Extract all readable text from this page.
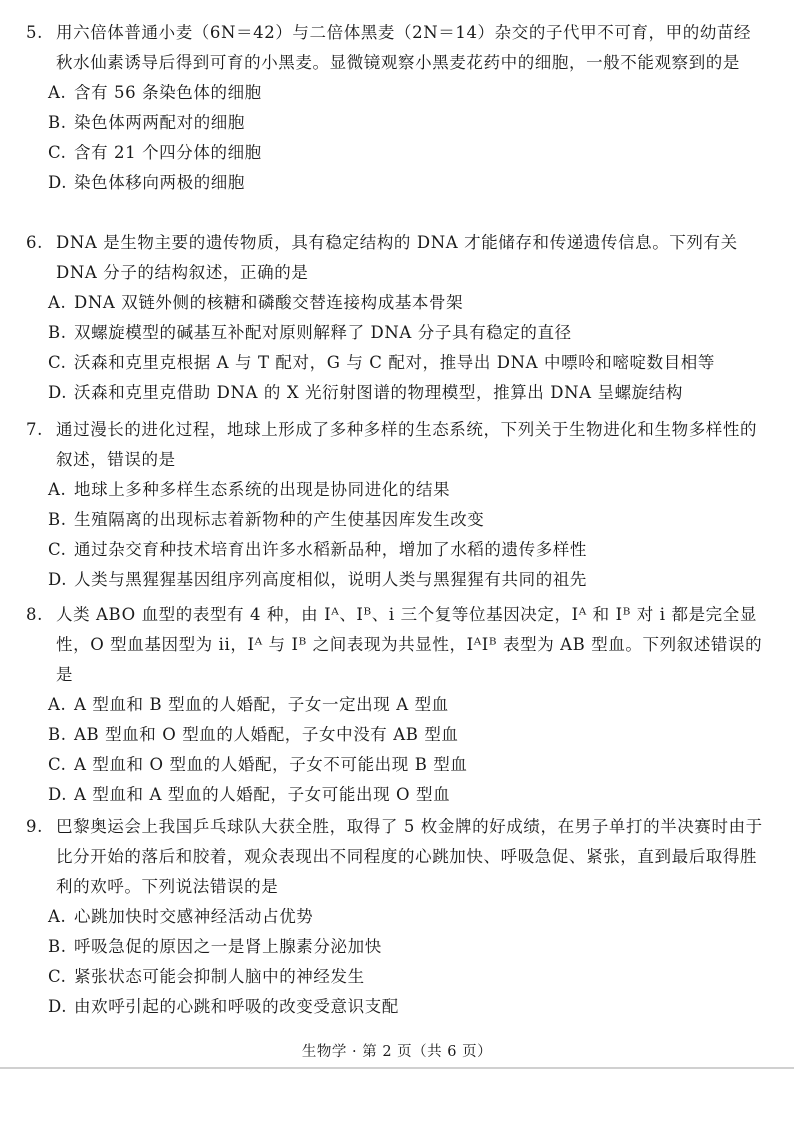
5. 用六倍体普通小麦（6N＝42）与二倍体黑麦（2N＝14）杂交的子代甲不可育，甲的幼苗经秋水仙素诱导后得到可育的小黑麦。显微镜观察小黑麦花药中的细胞，一般不能观察到的是

A. 含有 56 条染色体的细胞
B. 染色体两两配对的细胞
C. 含有 21 个四分体的细胞
D. 染色体移向两极的细胞

6. DNA 是生物主要的遗传物质，具有稳定结构的 DNA 才能储存和传递遗传信息。下列有关 DNA 分子的结构叙述，正确的是

A. DNA 双链外侧的核糖和磷酸交替连接构成基本骨架
B. 双螺旋模型的碱基互补配对原则解释了 DNA 分子具有稳定的直径
C. 沃森和克里克根据 A 与 T 配对，G 与 C 配对，推导出 DNA 中嘌呤和嘧啶数目相等
D. 沃森和克里克借助 DNA 的 X 光衍射图谱的物理模型，推算出 DNA 呈螺旋结构

7. 通过漫长的进化过程，地球上形成了多种多样的生态系统，下列关于生物进化和生物多样性的叙述，错误的是

A. 地球上多种多样生态系统的出现是协同进化的结果
B. 生殖隔离的出现标志着新物种的产生使基因库发生改变
C. 通过杂交育种技术培育出许多水稻新品种，增加了水稻的遗传多样性
D. 人类与黑猩猩基因组序列高度相似，说明人类与黑猩猩有共同的祖先

8. 人类 ABO 血型的表型有 4 种，由 Iᴬ、Iᴮ、i 三个复等位基因决定，Iᴬ 和 Iᴮ 对 i 都是完全显性，O 型血基因型为 ii，Iᴬ 与 Iᴮ 之间表现为共显性，IᴬIᴮ 表型为 AB 型血。下列叙述错误的是

A. A 型血和 B 型血的人婚配，子女一定出现 A 型血
B. AB 型血和 O 型血的人婚配，子女中没有 AB 型血
C. A 型血和 O 型血的人婚配，子女不可能出现 B 型血
D. A 型血和 A 型血的人婚配，子女可能出现 O 型血

9. 巴黎奥运会上我国乒乓球队大获全胜，取得了 5 枚金牌的好成绩，在男子单打的半决赛时由于比分开始的落后和胶着，观众表现出不同程度的心跳加快、呼吸急促、紧张，直到最后取得胜利的欢呼。下列说法错误的是

A. 心跳加快时交感神经活动占优势
B. 呼吸急促的原因之一是肾上腺素分泌加快
C. 紧张状态可能会抑制人脑中的神经发生
D. 由欢呼引起的心跳和呼吸的改变受意识支配
生物学 · 第 2 页（共 6 页）
